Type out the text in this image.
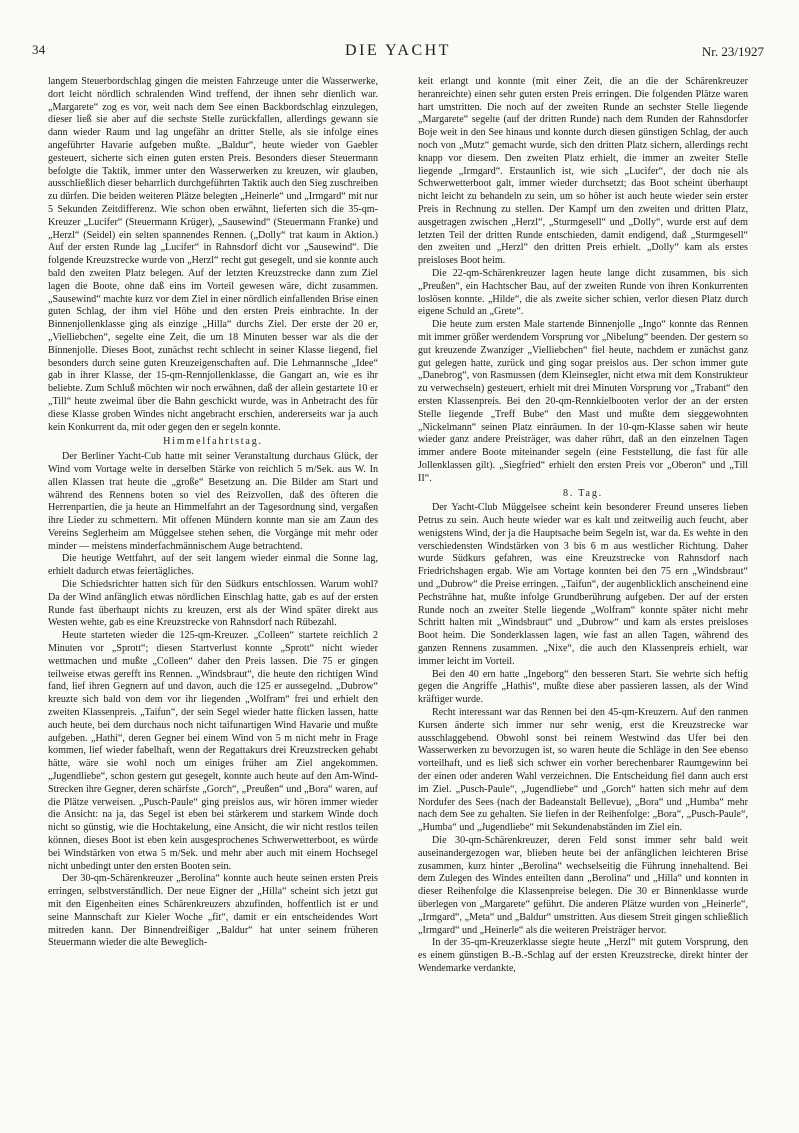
34	DIE YACHT	Nr. 23/1927

langem Steuerbordschlag gingen die meisten Fahrzeuge unter die Wasserwerke, dort leicht nördlich schralenden Wind treffend, der ihnen sehr dienlich war. „Margarete“ zog es vor, weit nach dem See einen Backbordschlag einzulegen, dieser ließ sie aber auf die sechste Stelle zurückfallen, allerdings gewann sie dann wieder Raum und lag ungefähr an dritter Stelle, als sie infolge eines angeführter Havarie aufgeben mußte. „Baldur“, heute wieder von Gaebler gesteuert, sicherte sich einen guten ersten Preis. Besonders dieser Steuermann befolgte die Taktik, immer unter den Wasserwerken zu kreuzen, wir glauben, ausschließlich dieser beharrlich durchgeführten Taktik auch den Sieg zuschreiben zu dürfen. Die beiden weiteren Plätze belegten „Heinerle“ und „Irmgard“ mit nur 5 Sekunden Zeitdifferenz. Wie schon oben erwähnt, lieferten sich die 35-qm-Kreuzer „Lucifer“ (Steuermann Krüger), „Sausewind“ (Steuermann Franke) und „Herzl“ (Seidel) ein selten spannendes Rennen. („Dolly“ trat kaum in Aktion.) Auf der ersten Runde lag „Lucifer“ in Rahnsdorf dicht vor „Sausewind“. Die folgende Kreuzstrecke wurde von „Herzl“ recht gut gesegelt, und sie konnte auch bald den zweiten Platz belegen. Auf der letzten Kreuzstrecke dann zum Ziel lagen die Boote, ohne daß eins im Vorteil gewesen wäre, dicht zusammen. „Sausewind“ machte kurz vor dem Ziel in einer nördlich einfallenden Brise einen guten Schlag, der ihm viel Höhe und den ersten Preis einbrachte. In der Binnenjollenklasse ging als einzige „Hilla“ durchs Ziel. Der erste der 20 er, „Vielliebchen“, segelte eine Zeit, die um 18 Minuten besser war als die der Binnenjolle. Dieses Boot, zunächst recht schlecht in seiner Klasse liegend, fiel besonders durch seine guten Kreuzeigenschaften auf. Die Lehmannsche „Idee“ gab in ihrer Klasse, der 15-qm-Rennjollenklasse, die Gangart an, wie es ihr beliebte. Zum Schluß möchten wir noch erwähnen, daß der allein gestartete 10 er „Till“ heute zweimal über die Bahn geschickt wurde, was in Anbetracht des für diese Klasse groben Windes nicht angebracht erschien, andererseits war ja auch kein Konkurrent da, mit oder gegen den er segeln konnte.

Himmelfahrtstag.

Der Berliner Yacht-Cub hatte mit seiner Veranstaltung durchaus Glück, der Wind vom Vortage welte in derselben Stärke von reichlich 5 m/Sek. aus W. In allen Klassen trat heute die „große“ Besetzung an. Die Bilder am Start und während des Rennens boten so viel des Reizvollen, daß des öfteren die Herrenpartien, die ja heute an Himmelfahrt an der Tagesordnung sind, vergaßen ihre Lieder zu schmettern. Mit offenen Mündern konnte man sie am Zaun des Vereins Seglerheim am Müggelsee stehen sehen, die Vorgänge mit mehr oder minder — meistens minderfachmännischem Auge betrachtend.

Die heutige Wettfahrt, auf der seit langem wieder einmal die Sonne lag, erhielt dadurch etwas feiertägliches.

Die Schiedsrichter hatten sich für den Südkurs entschlossen. Warum wohl? Da der Wind anfänglich etwas nördlichen Einschlag hatte, gab es auf der ersten Runde fast überhaupt nichts zu kreuzen, erst als der Wind später direkt aus Westen wehte, gab es eine Kreuzstrecke von Rahnsdorf nach Rübezahl.

Heute starteten wieder die 125-qm-Kreuzer. „Colleen“ startete reichlich 2 Minuten vor „Sprott“; diesen Startverlust konnte „Sprott“ nicht wieder wettmachen und mußte „Colleen“ daher den Preis lassen. Die 75 er gingen teilweise etwas gerefft ins Rennen. „Windsbraut“, die heute den richtigen Wind fand, lief ihren Gegnern auf und davon, auch die 125 er aussegelnd. „Dubrow“ kreuzte sich bald von dem vor ihr liegenden „Wolfram“ frei und erhielt den zweiten Klassenpreis. „Taifun“, der sein Segel wieder hatte flicken lassen, hatte auch heute, bei dem durchaus noch nicht taifunartigen Wind Havarie und mußte aufgeben. „Hathi“, deren Gegner bei einem Wind von 5 m nicht mehr in Frage kommen, lief wieder fabelhaft, wenn der Regattakurs drei Kreuzstrecken gehabt hätte, wäre sie wohl noch um einiges früher am Ziel angekommen. „Jugendliebe“, schon gestern gut gesegelt, konnte auch heute auf den Am-Wind-Strecken ihre Gegner, deren schärfste „Gorch“, „Preußen“ und „Bora“ waren, auf die Plätze verweisen. „Pusch-Paule“ ging preislos aus, wir hören immer wieder die Ansicht: na ja, das Segel ist eben bei stärkerem und starkem Winde doch nicht so günstig, wie die Hochtakelung, eine Ansicht, die wir nicht restlos teilen können, dieses Boot ist eben kein ausgesprochenes Schwerwetterboot, es würde bei Windstärken von etwa 5 m/Sek. und mehr aber auch mit einem Hochsegel nicht unbedingt unter den ersten Booten sein.

Der 30-qm-Schärenkreuzer „Berolina“ konnte auch heute seinen ersten Preis erringen, selbstverständlich. Der neue Eigner der „Hilla“ scheint sich jetzt gut mit den Eigenheiten eines Schärenkreuzers abzufinden, hoffentlich ist er und seine Mannschaft zur Kieler Woche „fit“, damit er ein entscheidendes Wort mitreden kann. Der Binnendreißiger „Baldur“ hat unter seinem früheren Steuermann wieder die alte Beweglich-

keit erlangt und konnte (mit einer Zeit, die an die der Schärenkreuzer heranreichte) einen sehr guten ersten Preis erringen. Die folgenden Plätze waren hart umstritten. Die noch auf der zweiten Runde an sechster Stelle liegende „Margarete“ segelte (auf der dritten Runde) nach dem Runden der Rahnsdorfer Boje weit in den See hinaus und konnte durch diesen günstigen Schlag, der auch noch von „Mutz“ gemacht wurde, sich den dritten Platz sichern, allerdings recht knapp vor diesem. Den zweiten Platz erhielt, die immer an zweiter Stelle liegende „Irmgard“. Erstaunlich ist, wie sich „Lucifer“, der doch nie als Schwerwetterboot galt, immer wieder durchsetzt; das Boot scheint überhaupt nicht leicht zu behandeln zu sein, um so höher ist auch heute wieder sein erster Preis in Rechnung zu stellen. Der Kampf um den zweiten und dritten Platz, ausgetragen zwischen „Herzl“, „Sturmgesell“ und „Dolly“, wurde erst auf dem letzten Teil der dritten Runde entschieden, damit endigend, daß „Sturmgesell“ den zweiten und „Herzl“ den dritten Preis erhielt. „Dolly“ kam als erstes preisloses Boot heim.

Die 22-qm-Schärenkreuzer lagen heute lange dicht zusammen, bis sich „Preußen“, ein Hachtscher Bau, auf der zweiten Runde von ihren Konkurrenten loslösen konnte. „Hilde“, die als zweite sicher schien, verlor diesen Platz durch eigene Schuld an „Grete“.

Die heute zum ersten Male startende Binnenjolle „Ingo“ konnte das Rennen mit immer größer werdendem Vorsprung vor „Nibelung“ beenden. Der gestern so gut kreuzende Zwanziger „Vielliebchen“ fiel heute, nachdem er zunächst ganz gut gelegen hatte, zurück und ging sogar preislos aus. Der schon immer gute „Danebrog“, von Rasmussen (dem Kleinsegler, nicht etwa mit dem Konstrukteur zu verwechseln) gesteuert, erhielt mit drei Minuten Vorsprung vor „Trabant“ den ersten Klassenpreis. Bei den 20-qm-Rennkielbooten verlor der an der ersten Stelle liegende „Treff Bube“ den Mast und mußte dem sieggewohnten „Nickelmann“ seinen Platz einräumen. In der 10-qm-Klasse sahen wir heute wieder ganz andere Preisträger, was daher rührt, daß an den einzelnen Tagen immer andere Boote miteinander segeln (eine Feststellung, die fast für alle Jollenklassen gilt). „Siegfried“ erhielt den ersten Preis vor „Oberon“ und „Till II“.

8. Tag.

Der Yacht-Club Müggelsee scheint kein besonderer Freund unseres lieben Petrus zu sein. Auch heute wieder war es kalt und zeitweilig auch feucht, aber wenigstens Wind, der ja die Hauptsache beim Segeln ist, war da. Es wehte in den verschiedensten Windstärken von 3 bis 6 m aus westlicher Richtung. Daher wurde Südkurs gefahren, was eine Kreuzstrecke von Rahnsdorf nach Friedrichshagen ergab. Wie am Vortage konnten bei den 75 ern „Windsbraut“ und „Dubrow“ die Preise erringen. „Taifun“, der augenblicklich anscheinend eine Pechsträhne hat, mußte infolge Grundberührung aufgeben. Der auf der ersten Runde noch an zweiter Stelle liegende „Wolfram“ konnte später nicht mehr Schritt halten mit „Windsbraut“ und „Dubrow“ und kam als erstes preisloses Boot heim. Die Sonderklassen lagen, wie fast an allen Tagen, während des ganzen Rennens zusammen. „Nixe“, die auch den Klassenpreis erhielt, war immer leicht im Vorteil.

Bei den 40 ern hatte „Ingeborg“ den besseren Start. Sie wehrte sich heftig gegen die Angriffe „Hathis“, mußte diese aber passieren lassen, als der Wind kräftiger wurde.

Recht interessant war das Rennen bei den 45-qm-Kreuzern. Auf den ranmen Kursen änderte sich immer nur sehr wenig, erst die Kreuzstrecke war ausschlaggebend. Obwohl sonst bei reinem Westwind das Ufer bei den Wasserwerken zu bevorzugen ist, so waren heute die Schläge in den See ebenso vorteilhaft, und es ließ sich schwer ein vorher berechenbarer Raumgewinn bei der einen oder anderen Wahl verzeichnen. Die Entscheidung fiel dann auch erst im Ziel. „Pusch-Paule“, „Jugendliebe“ und „Gorch“ hatten sich mehr auf dem Nordufer des Sees (nach der Badeanstalt Bellevue), „Bora“ und „Humba“ mehr nach dem See zu gehalten. Sie liefen in der Reihenfolge: „Bora“, „Pusch-Paule“, „Humba“ und „Jugendliebe“ mit Sekundenabständen im Ziel ein.

Die 30-qm-Schärenkreuzer, deren Feld sonst immer sehr bald weit auseinandergezogen war, blieben heute bei der anfänglichen leichteren Brise zusammen, kurz hinter „Berolina“ wechselseitig die Führung innehaltend. Bei dem Zulegen des Windes enteilten dann „Berolina“ und „Hilla“ und konnten in dieser Reihenfolge die Klassenpreise belegen. Die 30 er Binnenklasse wurde überlegen von „Margarete“ geführt. Die anderen Plätze wurden von „Heinerle“, „Irmgard“, „Meta“ und „Baldur“ umstritten. Aus diesem Streit gingen schließlich „Irmgard“ und „Heinerle“ als die weiteren Preisträger hervor.

In der 35-qm-Kreuzerklasse siegte heute „Herzl“ mit gutem Vorsprung, den es einem günstigen B.-B.-Schlag auf der ersten Kreuzstrecke, direkt hinter der Wendemarke verdankte,
